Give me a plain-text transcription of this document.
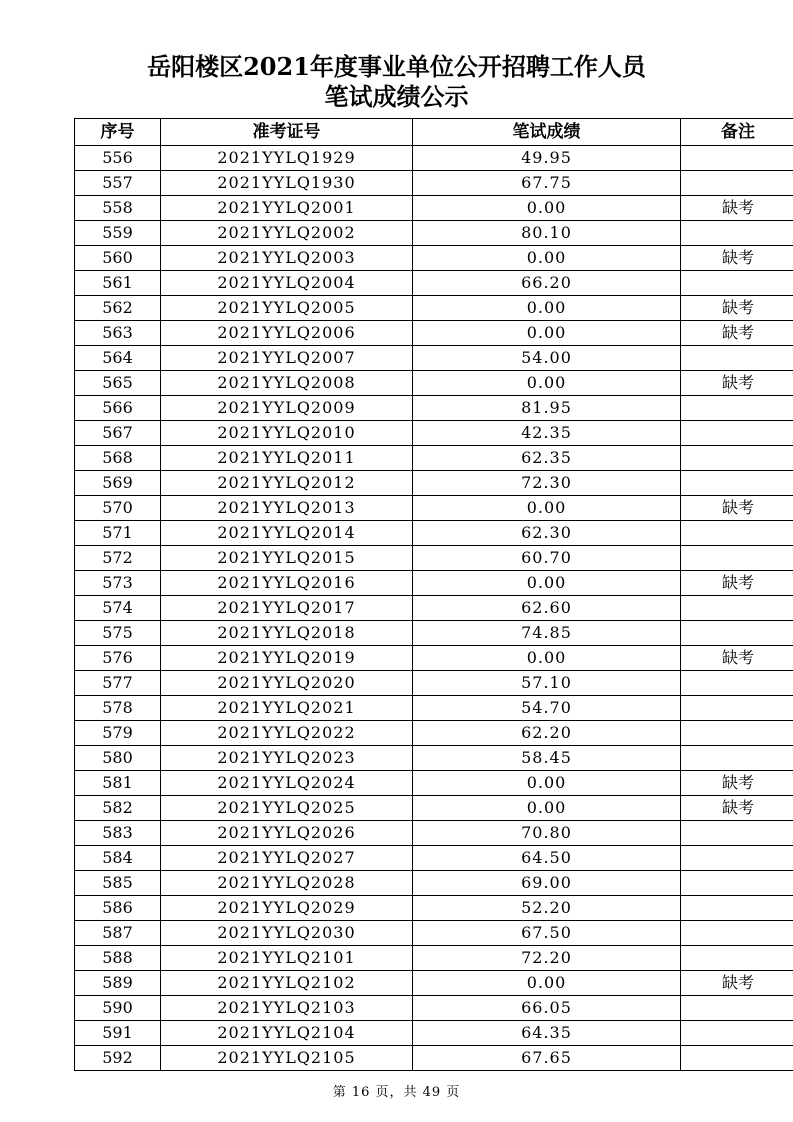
岳阳楼区2021年度事业单位公开招聘工作人员
笔试成绩公示
序号	准考证号	笔试成绩	备注
556	2021YYLQ1929	49.95	
557	2021YYLQ1930	67.75	
558	2021YYLQ2001	0.00	缺考
559	2021YYLQ2002	80.10	
560	2021YYLQ2003	0.00	缺考
561	2021YYLQ2004	66.20	
562	2021YYLQ2005	0.00	缺考
563	2021YYLQ2006	0.00	缺考
564	2021YYLQ2007	54.00	
565	2021YYLQ2008	0.00	缺考
566	2021YYLQ2009	81.95	
567	2021YYLQ2010	42.35	
568	2021YYLQ2011	62.35	
569	2021YYLQ2012	72.30	
570	2021YYLQ2013	0.00	缺考
571	2021YYLQ2014	62.30	
572	2021YYLQ2015	60.70	
573	2021YYLQ2016	0.00	缺考
574	2021YYLQ2017	62.60	
575	2021YYLQ2018	74.85	
576	2021YYLQ2019	0.00	缺考
577	2021YYLQ2020	57.10	
578	2021YYLQ2021	54.70	
579	2021YYLQ2022	62.20	
580	2021YYLQ2023	58.45	
581	2021YYLQ2024	0.00	缺考
582	2021YYLQ2025	0.00	缺考
583	2021YYLQ2026	70.80	
584	2021YYLQ2027	64.50	
585	2021YYLQ2028	69.00	
586	2021YYLQ2029	52.20	
587	2021YYLQ2030	67.50	
588	2021YYLQ2101	72.20	
589	2021YYLQ2102	0.00	缺考
590	2021YYLQ2103	66.05	
591	2021YYLQ2104	64.35	
592	2021YYLQ2105	67.65	
第 16 页，共 49 页
